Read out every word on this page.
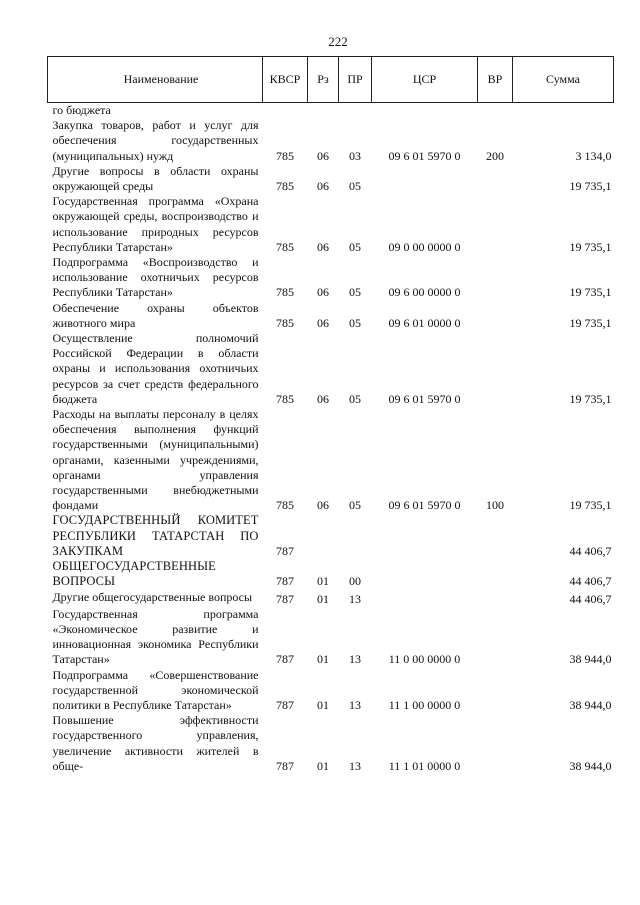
222
Наименование	КВСР	Рз	ПР	ЦСР	ВР	Сумма
го бюджета						
Закупка товаров, работ и услуг для обеспечения государственных (муниципальных) нужд	785	06	03	09 6 01 5970 0	200	3 134,0
Другие вопросы в области охраны окружающей среды	785	06	05			19 735,1
Государственная программа «Охрана окружающей среды, воспроизводство и использование природных ресурсов Республики Татарстан»	785	06	05	09 0 00 0000 0		19 735,1
Подпрограмма «Воспроизводство и использование охотничьих ресурсов Республики Татарстан»	785	06	05	09 6 00 0000 0		19 735,1
Обеспечение охраны объектов животного мира	785	06	05	09 6 01 0000 0		19 735,1
Осуществление полномочий Российской Федерации в области охраны и использования охотничьих ресурсов за счет средств федерального бюджета	785	06	05	09 6 01 5970 0		19 735,1
Расходы на выплаты персоналу в целях обеспечения выполнения функций государственными (муниципальными) органами, казенными учреждениями, органами управления государственными внебюджетными фондами	785	06	05	09 6 01 5970 0	100	19 735,1
ГОСУДАРСТВЕННЫЙ КОМИТЕТ РЕСПУБЛИКИ ТАТАРСТАН ПО ЗАКУПКАМ	787					44 406,7
ОБЩЕГОСУДАРСТВЕННЫЕ ВОПРОСЫ	787	01	00			44 406,7
Другие общегосударственные вопросы	787	01	13			44 406,7
Государственная программа «Экономическое развитие и инновационная экономика Республики Татарстан»	787	01	13	11 0 00 0000 0		38 944,0
Подпрограмма «Совершенствование государственной экономической политики в Республике Татарстан»	787	01	13	11 1 00 0000 0		38 944,0
Повышение эффективности государственного управления, увеличение активности жителей в обще-	787	01	13	11 1 01 0000 0		38 944,0
